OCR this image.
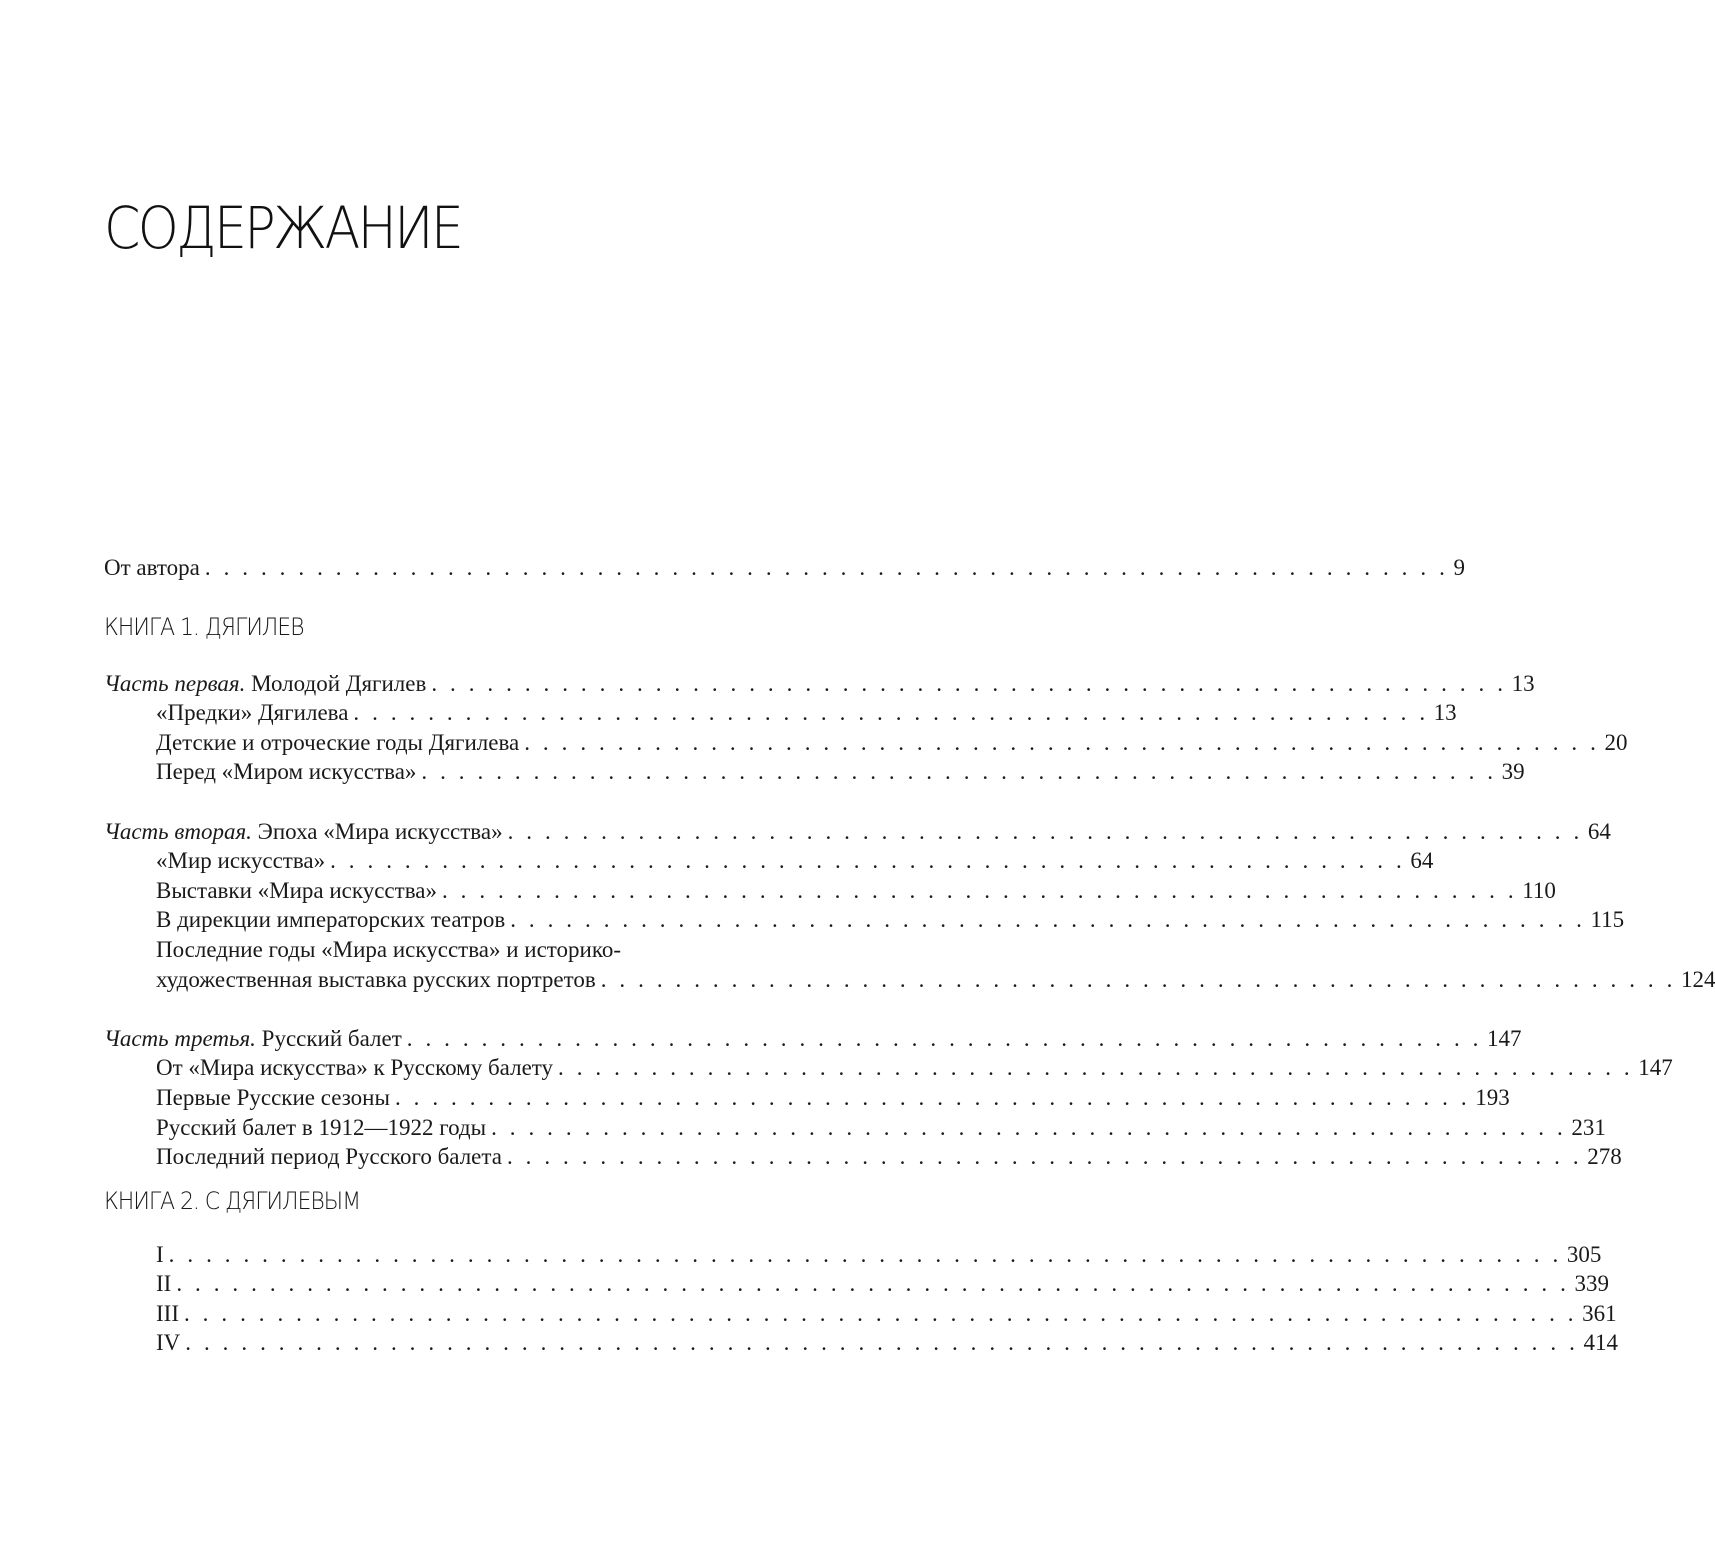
СОДЕРЖАНИЕ
От автора . . . . . . . . . . . . . . . . . . . . . . . . . . . . . . . . . . . . . . . . . . . . . . . . . . . . . . . . . . . . . . . . . . . 9
КНИГА 1. ДЯГИЛЕВ
Часть первая. Молодой Дягилев . . . . . . . . . . . . . . . . . . . . . . . . . . . . . . . . . . . . . . . . . . . . . . . . . . . . . . . . . . 13
«Предки» Дягилева . . . . . . . . . . . . . . . . . . . . . . . . . . . . . . . . . . . . . . . . . . . . . . . . . . . . . . . . . . 13
Детские и отроческие годы Дягилева . . . . . . . . . . . . . . . . . . . . . . . . . . . . . . . . . . . . . . . . . . . . . . . . . . . . . . . . . . 20
Перед «Миром искусства» . . . . . . . . . . . . . . . . . . . . . . . . . . . . . . . . . . . . . . . . . . . . . . . . . . . . . . . . . . 39
Часть вторая. Эпоха «Мира искусства» . . . . . . . . . . . . . . . . . . . . . . . . . . . . . . . . . . . . . . . . . . . . . . . . . . . . . . . . . . 64
«Мир искусства» . . . . . . . . . . . . . . . . . . . . . . . . . . . . . . . . . . . . . . . . . . . . . . . . . . . . . . . . . . 64
Выставки «Мира искусства» . . . . . . . . . . . . . . . . . . . . . . . . . . . . . . . . . . . . . . . . . . . . . . . . . . . . . . . . . . 110
В дирекции императорских театров . . . . . . . . . . . . . . . . . . . . . . . . . . . . . . . . . . . . . . . . . . . . . . . . . . . . . . . . . . 115
Последние годы «Мира искусства» и историко-
художественная выставка русских портретов . . . . . . . . . . . . . . . . . . . . . . . . . . . . . . . . . . . . . . . . . . . . . . . . . . . . . . . . . . 124
Часть третья. Русский балет . . . . . . . . . . . . . . . . . . . . . . . . . . . . . . . . . . . . . . . . . . . . . . . . . . . . . . . . . . 147
От «Мира искусства» к Русскому балету . . . . . . . . . . . . . . . . . . . . . . . . . . . . . . . . . . . . . . . . . . . . . . . . . . . . . . . . . . 147
Первые Русские сезоны . . . . . . . . . . . . . . . . . . . . . . . . . . . . . . . . . . . . . . . . . . . . . . . . . . . . . . . . . . 193
Русский балет в 1912—1922 годы . . . . . . . . . . . . . . . . . . . . . . . . . . . . . . . . . . . . . . . . . . . . . . . . . . . . . . . . . . 231
Последний период Русского балета . . . . . . . . . . . . . . . . . . . . . . . . . . . . . . . . . . . . . . . . . . . . . . . . . . . . . . . . . . 278
КНИГА 2. С ДЯГИЛЕВЫМ
I . . . . . . . . . . . . . . . . . . . . . . . . . . . . . . . . . . . . . . . . . . . . . . . . . . . . . . . . . . . . . . . . . . . . . . . . . . . 305
II . . . . . . . . . . . . . . . . . . . . . . . . . . . . . . . . . . . . . . . . . . . . . . . . . . . . . . . . . . . . . . . . . . . . . . . . . . . 339
III . . . . . . . . . . . . . . . . . . . . . . . . . . . . . . . . . . . . . . . . . . . . . . . . . . . . . . . . . . . . . . . . . . . . . . . . . . . 361
IV . . . . . . . . . . . . . . . . . . . . . . . . . . . . . . . . . . . . . . . . . . . . . . . . . . . . . . . . . . . . . . . . . . . . . . . . . . . 414
